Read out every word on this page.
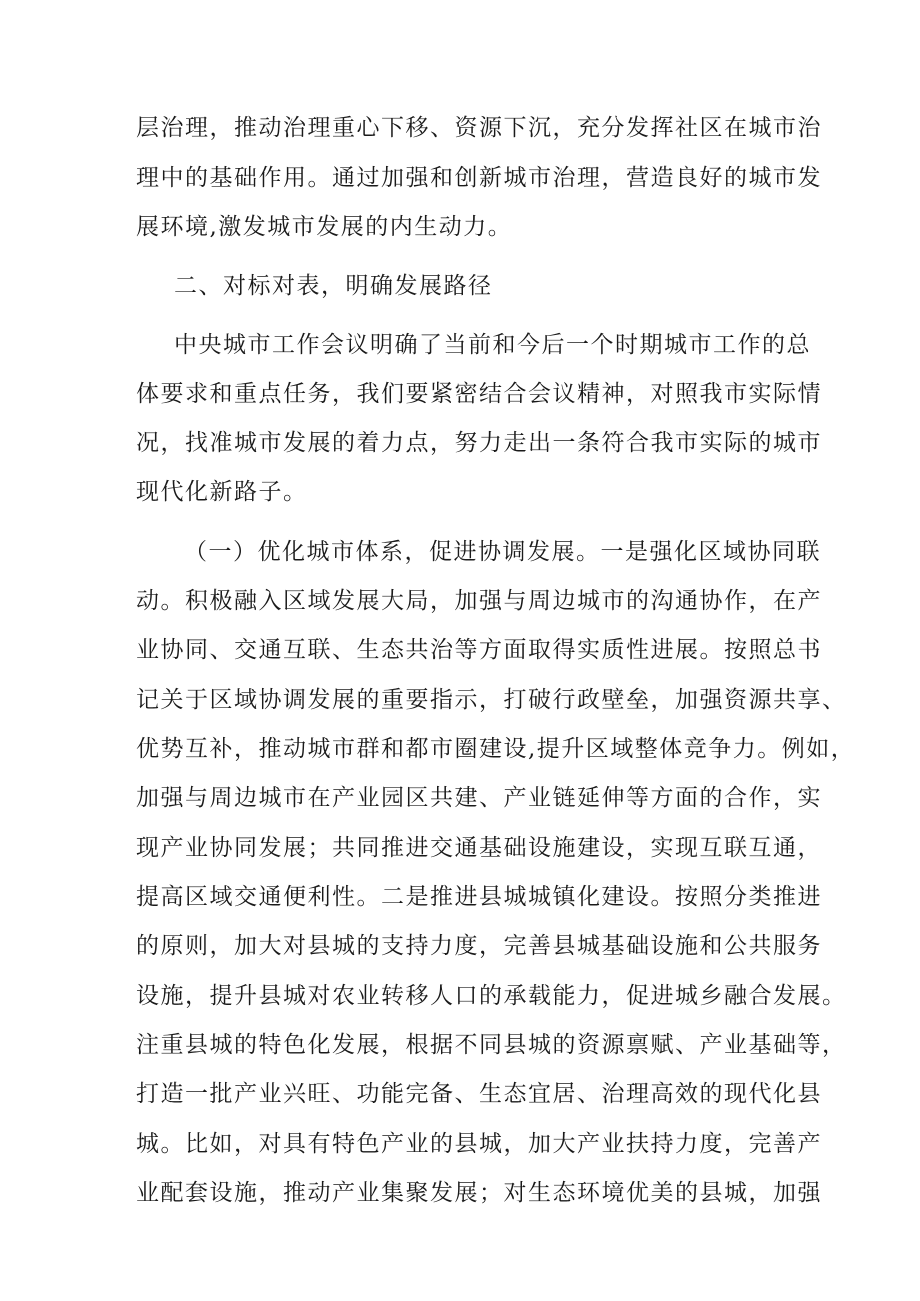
层治理，推动治理重心下移、资源下沉，充分发挥社区在城市治
理中的基础作用。通过加强和创新城市治理，营造良好的城市发
展环境,激发城市发展的内生动力。
二、对标对表，明确发展路径
中央城市工作会议明确了当前和今后一个时期城市工作的总
体要求和重点任务，我们要紧密结合会议精神，对照我市实际情
况，找准城市发展的着力点，努力走出一条符合我市实际的城市
现代化新路子。
（一）优化城市体系，促进协调发展。一是强化区域协同联
动。积极融入区域发展大局，加强与周边城市的沟通协作，在产
业协同、交通互联、生态共治等方面取得实质性进展。按照总书
记关于区域协调发展的重要指示，打破行政壁垒，加强资源共享、
优势互补，推动城市群和都市圈建设,提升区域整体竞争力。例如，
加强与周边城市在产业园区共建、产业链延伸等方面的合作，实
现产业协同发展；共同推进交通基础设施建设，实现互联互通，
提高区域交通便利性。二是推进县城城镇化建设。按照分类推进
的原则，加大对县城的支持力度，完善县城基础设施和公共服务
设施，提升县城对农业转移人口的承载能力，促进城乡融合发展。
注重县城的特色化发展，根据不同县城的资源禀赋、产业基础等，
打造一批产业兴旺、功能完备、生态宜居、治理高效的现代化县
城。比如，对具有特色产业的县城，加大产业扶持力度，完善产
业配套设施，推动产业集聚发展；对生态环境优美的县城，加强
